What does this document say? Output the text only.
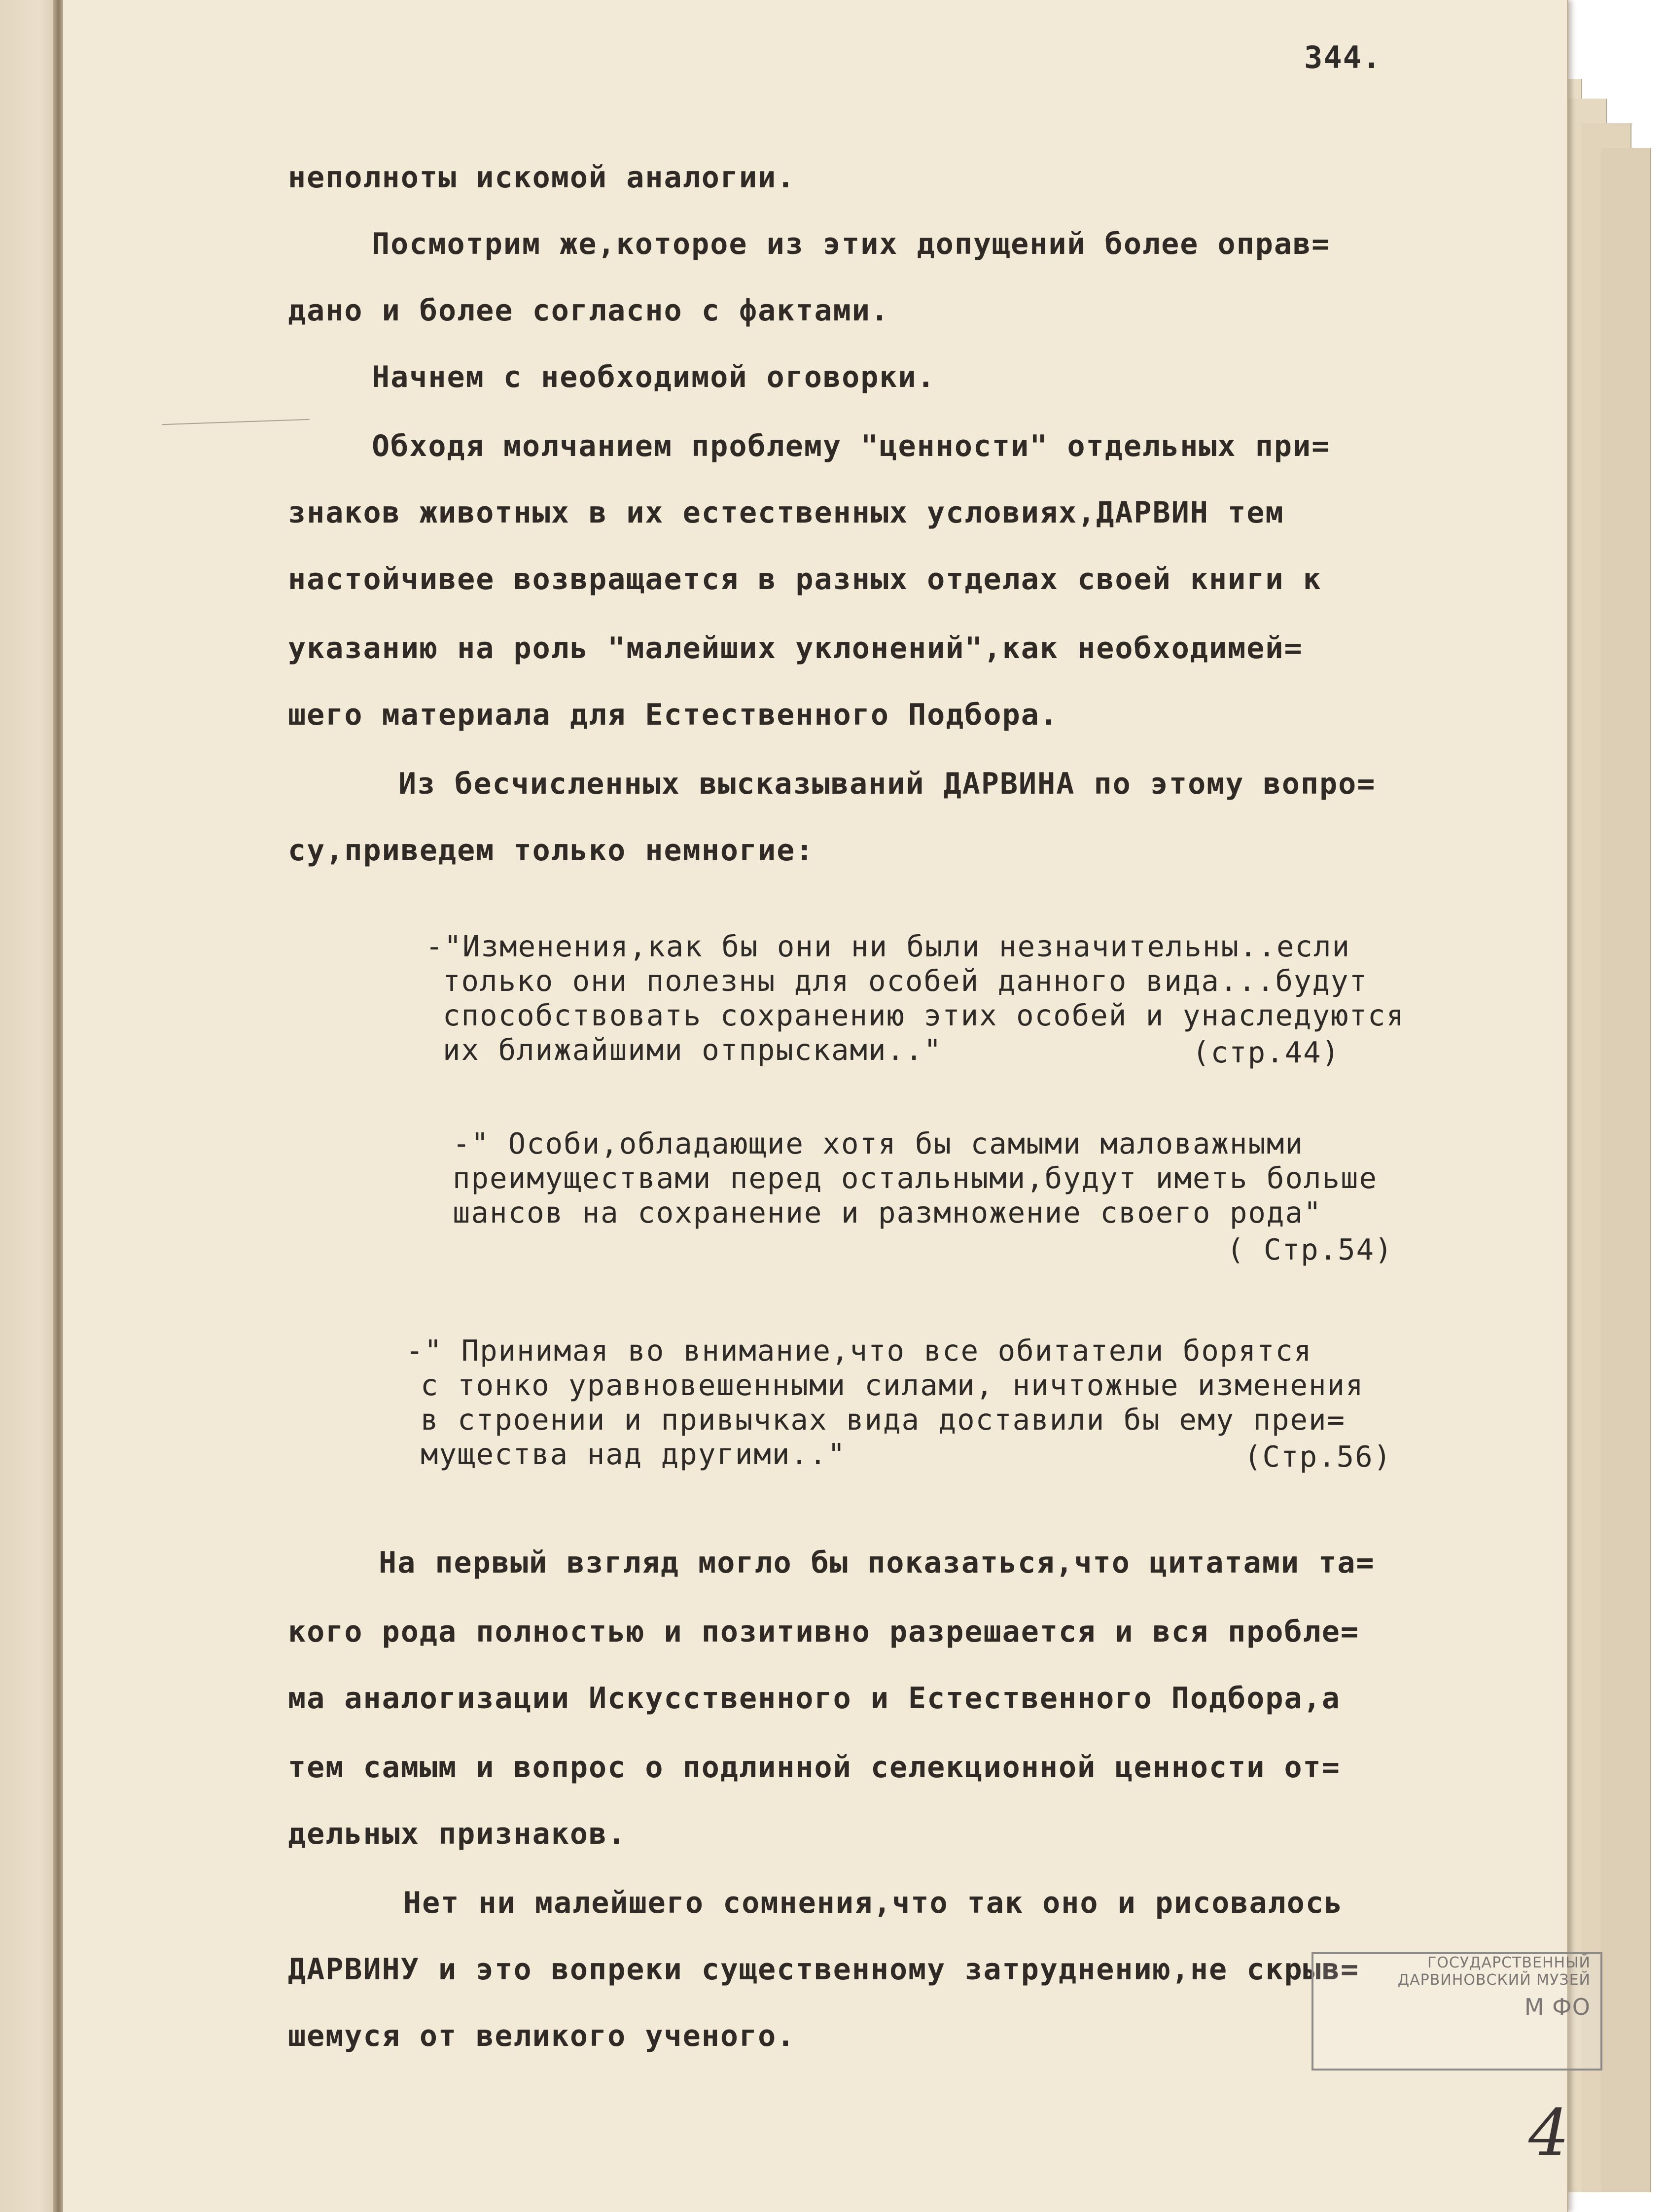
344.
неполноты искомой аналогии.
Посмотрим же,которое из этих допущений более оправ=
дано и более согласно с фактами.
Начнем с необходимой оговорки.
Обходя молчанием проблему "ценности" отдельных при=
знаков животных в их естественных условиях,ДАРВИН тем
настойчивее возвращается в разных отделах своей книги к
указанию на роль "малейших уклонений",как необходимей=
шего материала для Естественного Подбора.
Из бесчисленных высказываний ДАРВИНА по этому вопро=
су,приведем только немногие:
-"Изменения,как бы они ни были незначительны..если
только они полезны для особей данного вида...будут
способствовать сохранению этих особей и унаследуются
их ближайшими отпрысками.."	(стр.44)
-" Особи,обладающие хотя бы самыми маловажными
преимуществами перед остальными,будут иметь больше
шансов на сохранение и размножение своего рода"
( Стр.54)
-" Принимая во внимание,что все обитатели борятся
с тонко уравновешенными силами, ничтожные изменения
в строении и привычках вида доставили бы ему преи=
мущества над другими.."	(Стр.56)
На первый взгляд могло бы показаться,что цитатами та=
кого рода полностью и позитивно разрешается и вся пробле=
ма аналогизации Искусственного и Естественного Подбора,а
тем самым и вопрос о подлинной селекционной ценности от=
дельных признаков.
Нет ни малейшего сомнения,что так оно и рисовалось
ДАРВИНУ и это вопреки существенному затруднению,не скрыв=
шемуся от великого ученого.
ГОСУДАРСТВЕННЫЙ
ДАРВИНОВСКИЙ МУЗЕЙ
М ФО
4
